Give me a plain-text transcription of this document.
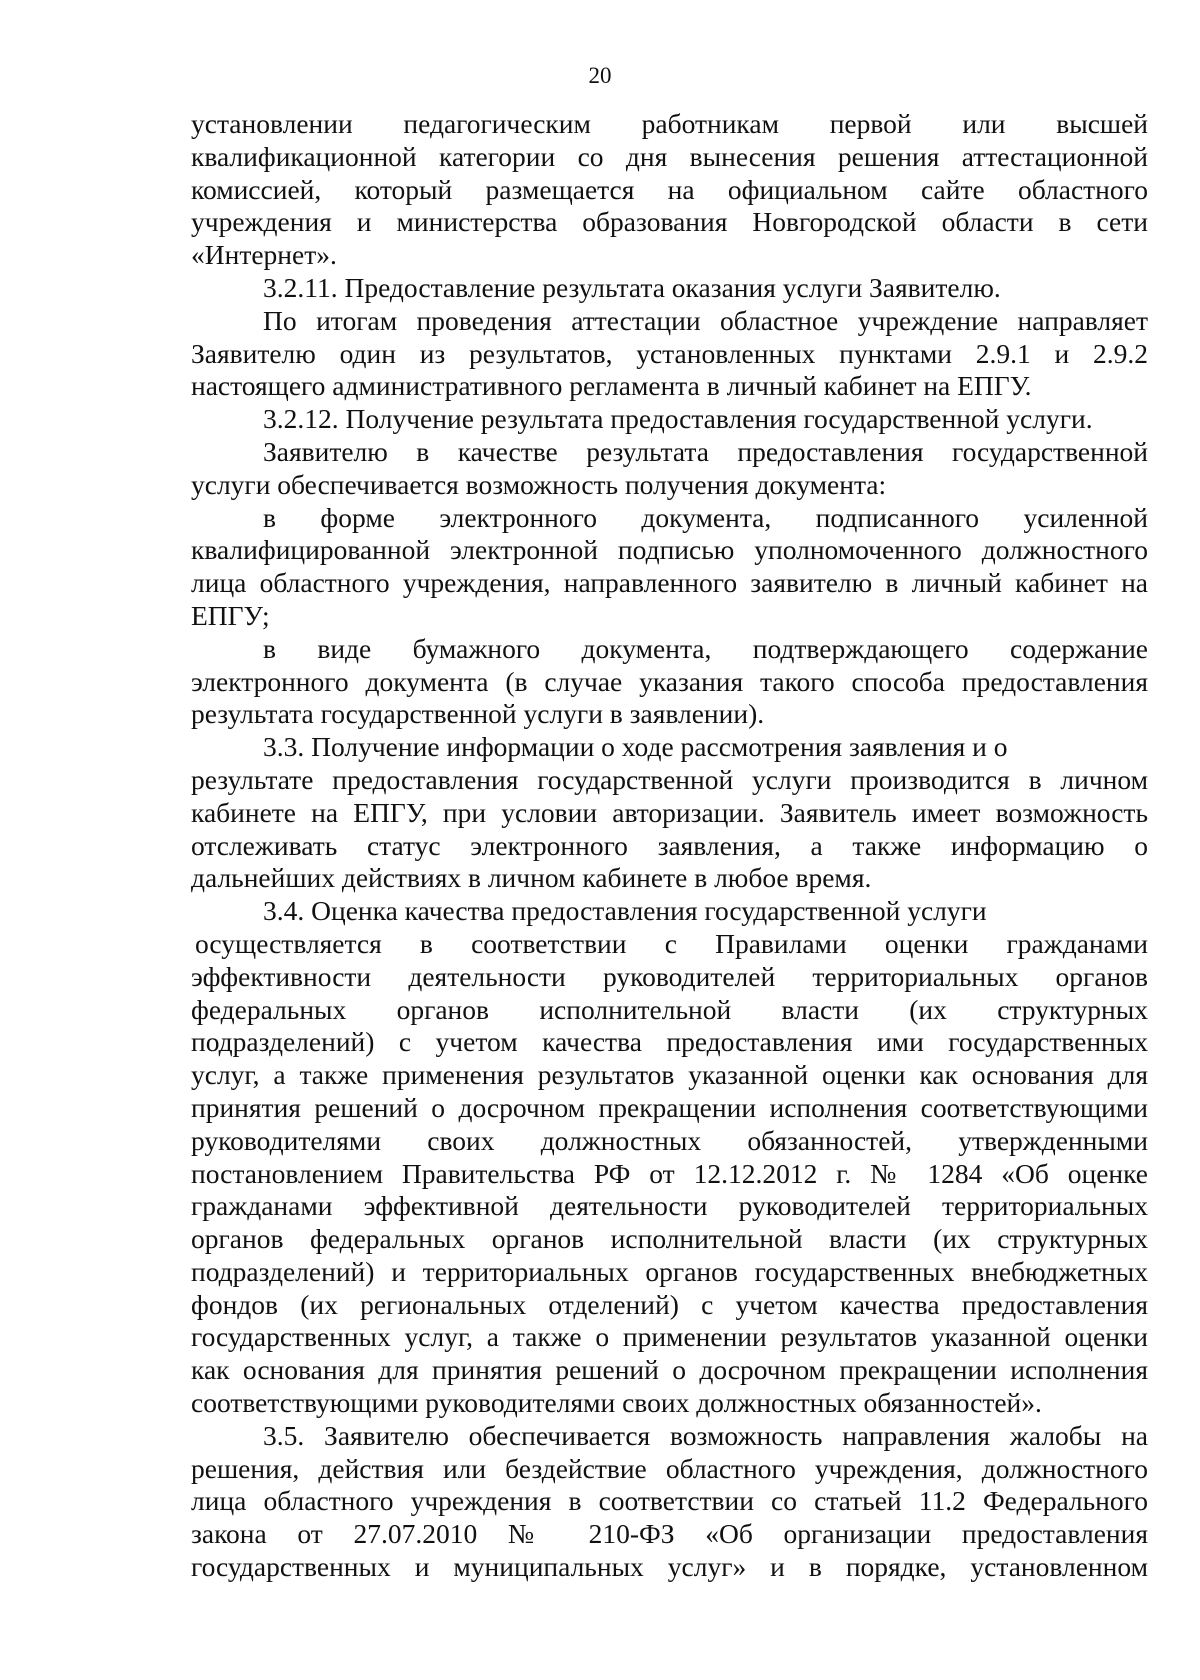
20
установлении педагогическим работникам первой или высшей
квалификационной категории со дня вынесения решения аттестационной
комиссией, который размещается на официальном сайте областного
учреждения и министерства образования Новгородской области в сети
«Интернет».
3.2.11. Предоставление результата оказания услуги Заявителю.
По итогам проведения аттестации областное учреждение направляет
Заявителю один из результатов, установленных пунктами 2.9.1 и 2.9.2
настоящего административного регламента в личный кабинет на ЕПГУ.
3.2.12. Получение результата предоставления государственной услуги.
Заявителю в качестве результата предоставления государственной
услуги обеспечивается возможность получения документа:
в форме электронного документа, подписанного усиленной
квалифицированной электронной подписью уполномоченного должностного
лица областного учреждения, направленного заявителю в личный кабинет на
ЕПГУ;
в виде бумажного документа, подтверждающего содержание
электронного документа (в случае указания такого способа предоставления
результата государственной услуги в заявлении).
3.3. Получение информации о ходе рассмотрения заявления и о
результате предоставления государственной услуги производится в личном
кабинете на ЕПГУ, при условии авторизации. Заявитель имеет возможность
отслеживать статус электронного заявления, а также информацию о
дальнейших действиях в личном кабинете в любое время.
3.4. Оценка качества предоставления государственной услуги
осуществляется в соответствии с Правилами оценки гражданами
эффективности деятельности руководителей территориальных органов
федеральных органов исполнительной власти (их структурных
подразделений) с учетом качества предоставления ими государственных
услуг, а также применения результатов указанной оценки как основания для
принятия решений о досрочном прекращении исполнения соответствующими
руководителями своих должностных обязанностей, утвержденными
постановлением Правительства РФ от 12.12.2012 г. № 1284 «Об оценке
гражданами эффективной деятельности руководителей территориальных
органов федеральных органов исполнительной власти (их структурных
подразделений) и территориальных органов государственных внебюджетных
фондов (их региональных отделений) с учетом качества предоставления
государственных услуг, а также о применении результатов указанной оценки
как основания для принятия решений о досрочном прекращении исполнения
соответствующими руководителями своих должностных обязанностей».
3.5. Заявителю обеспечивается возможность направления жалобы на
решения, действия или бездействие областного учреждения, должностного
лица областного учреждения в соответствии со статьей 11.2 Федерального
закона от 27.07.2010 № 210-ФЗ «Об организации предоставления
государственных и муниципальных услуг» и в порядке, установленном
